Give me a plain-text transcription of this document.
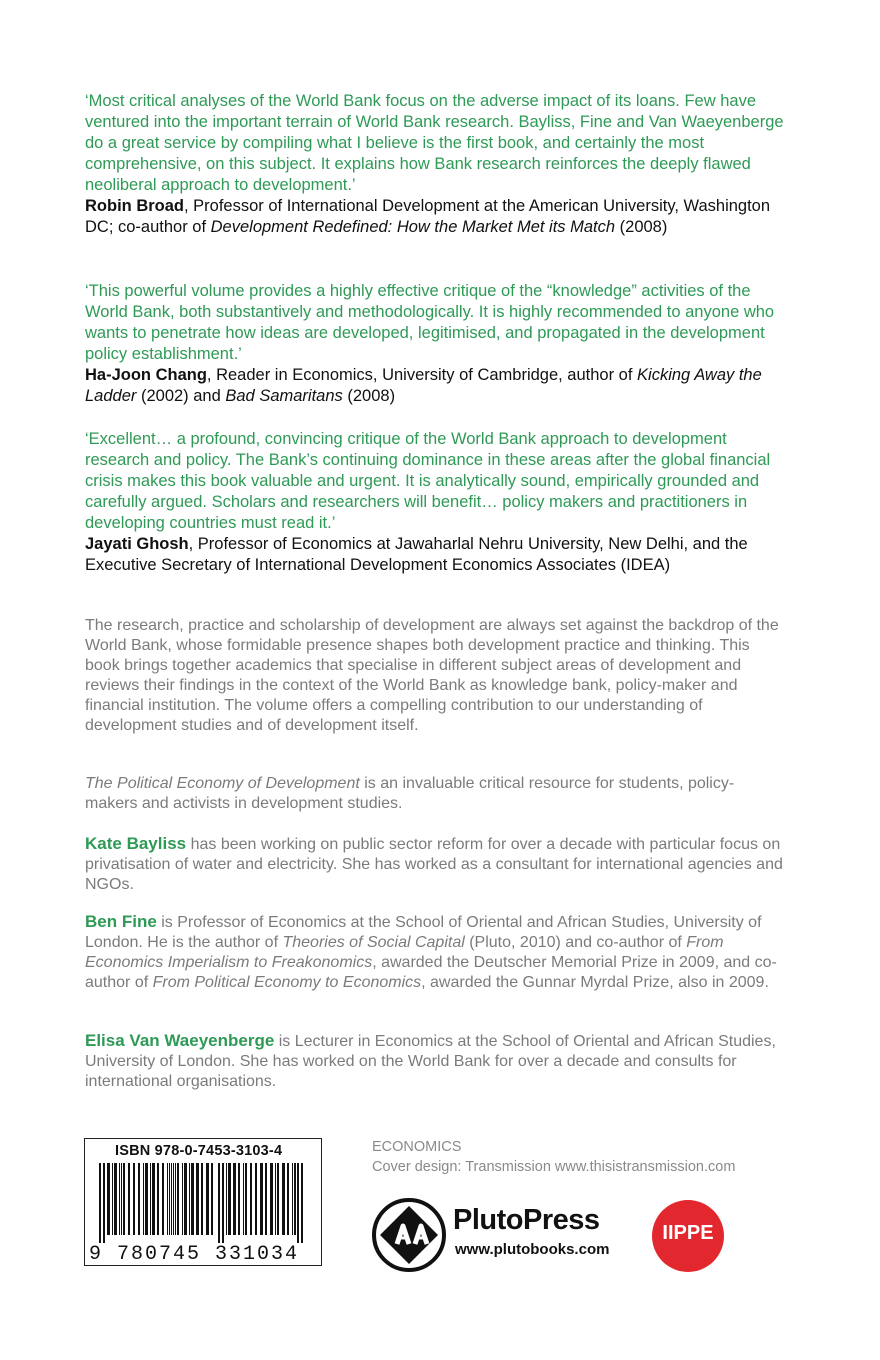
‘Most critical analyses of the World Bank focus on the adverse impact of its loans. Few have ventured into the important terrain of World Bank research. Bayliss, Fine and Van Waeyenberge do a great service by compiling what I believe is the first book, and certainly the most comprehensive, on this subject. It explains how Bank research reinforces the deeply flawed neoliberal approach to development.’
Robin Broad, Professor of International Development at the American University, Washington DC; co-author of Development Redefined: How the Market Met its Match (2008)
‘This powerful volume provides a highly effective critique of the “knowledge” activities of the World Bank, both substantively and methodologically. It is highly recommended to anyone who wants to penetrate how ideas are developed, legitimised, and propagated in the development policy establishment.’
Ha-Joon Chang, Reader in Economics, University of Cambridge, author of Kicking Away the Ladder (2002) and Bad Samaritans (2008)
‘Excellent… a profound, convincing critique of the World Bank approach to development research and policy. The Bank’s continuing dominance in these areas after the global financial crisis makes this book valuable and urgent. It is analytically sound, empirically grounded and carefully argued. Scholars and researchers will benefit… policy makers and practitioners in developing countries must read it.’
Jayati Ghosh, Professor of Economics at Jawaharlal Nehru University, New Delhi, and the Executive Secretary of International Development Economics Associates (IDEA)

The research, practice and scholarship of development are always set against the backdrop of the World Bank, whose formidable presence shapes both development practice and thinking. This book brings together academics that specialise in different subject areas of development and reviews their findings in the context of the World Bank as knowledge bank, policy-maker and financial institution. The volume offers a compelling contribution to our understanding of development studies and of development itself.

The Political Economy of Development is an invaluable critical resource for students, policy-makers and activists in development studies.

Kate Bayliss has been working on public sector reform for over a decade with particular focus on privatisation of water and electricity. She has worked as a consultant for international agencies and NGOs.

Ben Fine is Professor of Economics at the School of Oriental and African Studies, University of London. He is the author of Theories of Social Capital (Pluto, 2010) and co-author of From Economics Imperialism to Freakonomics, awarded the Deutscher Memorial Prize in 2009, and co-author of From Political Economy to Economics, awarded the Gunnar Myrdal Prize, also in 2009.

Elisa Van Waeyenberge is Lecturer in Economics at the School of Oriental and African Studies, University of London. She has worked on the World Bank for over a decade and consults for international organisations.

ISBN 978-0-7453-3103-4
9 780745 331034
ECONOMICS
Cover design: Transmission www.thisistransmission.com
PlutoPress
www.plutobooks.com
IIPPE
